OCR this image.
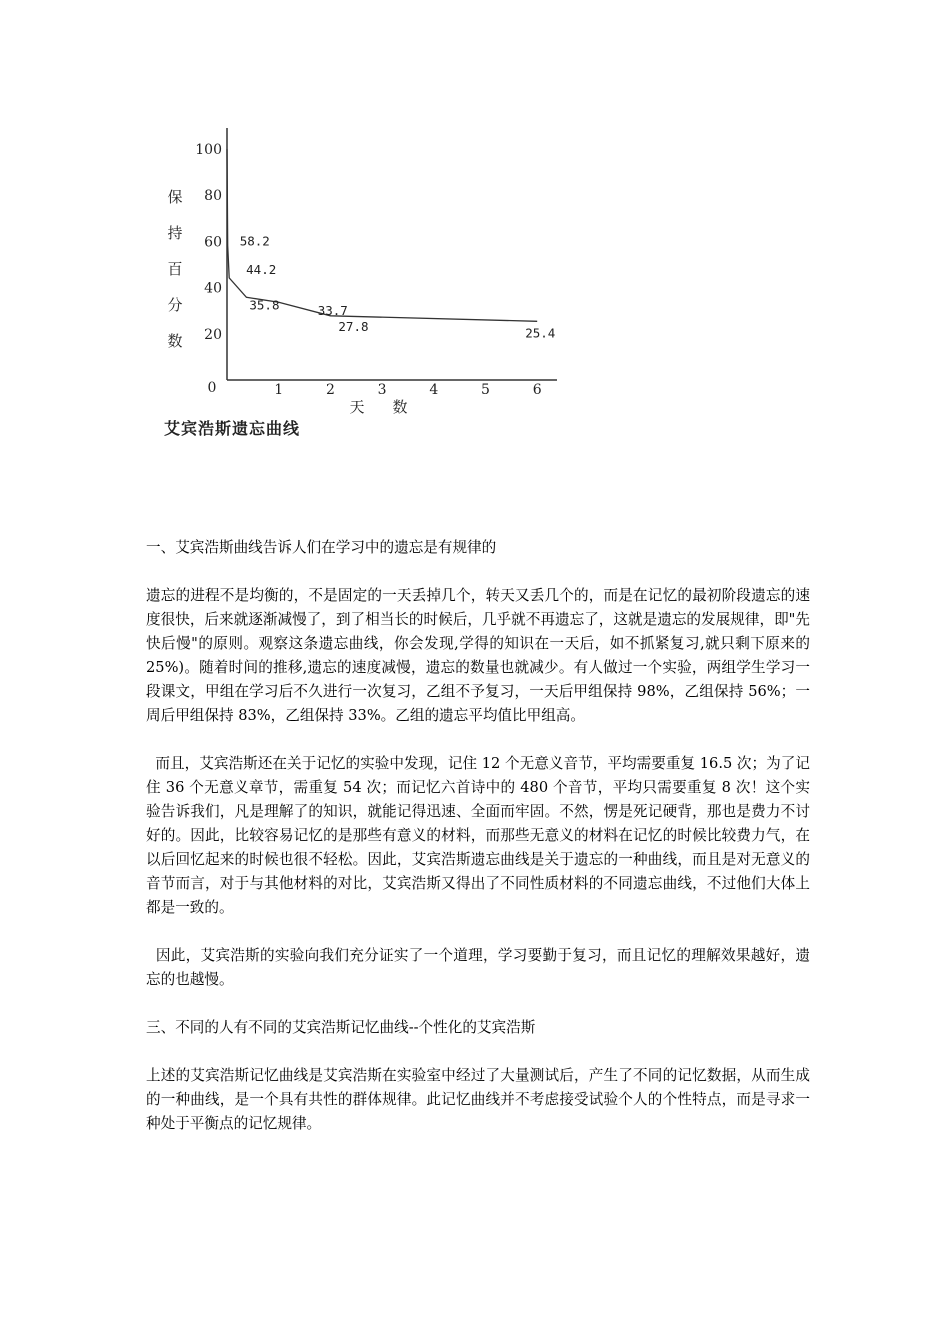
100
80
60
40
20
1	2	3	4	5	6
0
58.2
44.2
35.8	33.7
27.8	25.4
保
持
百
分
数
天 数
艾宾浩斯遗忘曲线

一、艾宾浩斯曲线告诉人们在学习中的遗忘是有规律的

遗忘的进程不是均衡的，不是固定的一天丢掉几个，转天又丢几个的，而是在记忆的最初阶段遗忘的速度很快，后来就逐渐减慢了，到了相当长的时候后，几乎就不再遗忘了，这就是遗忘的发展规律，即"先快后慢"的原则。观察这条遗忘曲线，你会发现,学得的知识在一天后，如不抓紧复习,就只剩下原来的 25%)。随着时间的推移,遗忘的速度减慢，遗忘的数量也就减少。有人做过一个实验，两组学生学习一段课文，甲组在学习后不久进行一次复习，乙组不予复习，一天后甲组保持 98%，乙组保持 56%；一周后甲组保持 83%，乙组保持 33%。乙组的遗忘平均值比甲组高。

而且，艾宾浩斯还在关于记忆的实验中发现，记住 12 个无意义音节，平均需要重复 16.5 次；为了记住 36 个无意义章节，需重复 54 次；而记忆六首诗中的 480 个音节，平均只需要重复 8 次！这个实验告诉我们，凡是理解了的知识，就能记得迅速、全面而牢固。不然，愣是死记硬背，那也是费力不讨好的。因此，比较容易记忆的是那些有意义的材料，而那些无意义的材料在记忆的时候比较费力气，在以后回忆起来的时候也很不轻松。因此，艾宾浩斯遗忘曲线是关于遗忘的一种曲线，而且是对无意义的音节而言，对于与其他材料的对比，艾宾浩斯又得出了不同性质材料的不同遗忘曲线，不过他们大体上都是一致的。

因此，艾宾浩斯的实验向我们充分证实了一个道理，学习要勤于复习，而且记忆的理解效果越好，遗忘的也越慢。

三、不同的人有不同的艾宾浩斯记忆曲线--个性化的艾宾浩斯

上述的艾宾浩斯记忆曲线是艾宾浩斯在实验室中经过了大量测试后，产生了不同的记忆数据，从而生成的一种曲线，是一个具有共性的群体规律。此记忆曲线并不考虑接受试验个人的个性特点，而是寻求一种处于平衡点的记忆规律。
